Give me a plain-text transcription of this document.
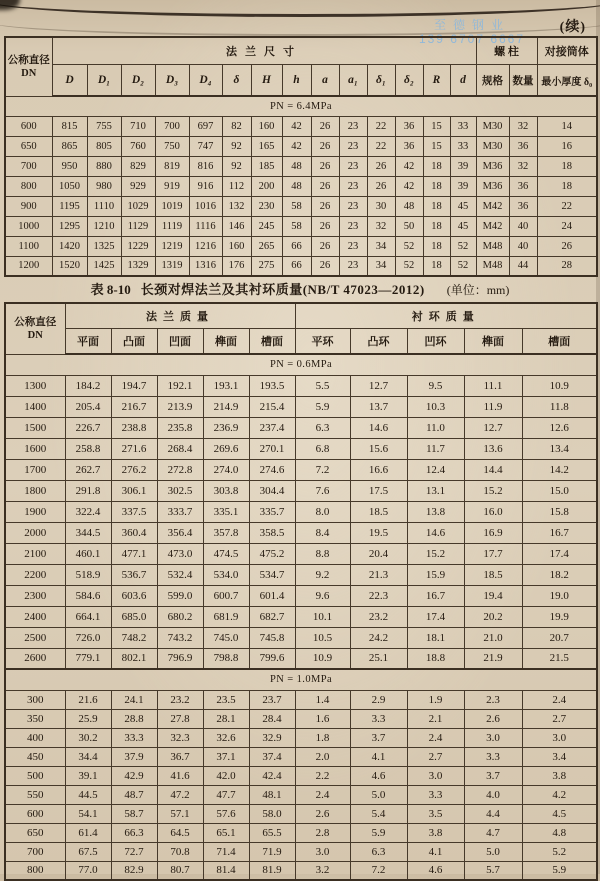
至德钢业
139 6707 6667
(续)
公称直径
DN	法兰尺寸														螺 柱		对接筒体
	D	D₁	D₂	D₃	D₄	δ	H	h	a	a₁	δ₁	δ₂	R	d	规格	数量	最小厚度 δ₀
PN = 6.4MPa																	
600	815	755	710	700	697	82	160	42	26	23	22	36	15	33	M30	32	14
650	865	805	760	750	747	92	165	42	26	23	22	36	15	33	M30	36	16
700	950	880	829	819	816	92	185	48	26	23	26	42	18	39	M36	32	18
800	1050	980	929	919	916	112	200	48	26	23	26	42	18	39	M36	36	18
900	1195	1110	1029	1019	1016	132	230	58	26	23	30	48	18	45	M42	36	22
1000	1295	1210	1129	1119	1116	146	245	58	26	23	32	50	18	45	M42	40	24
1100	1420	1325	1229	1219	1216	160	265	66	26	23	34	52	18	52	M48	40	26
1200	1520	1425	1329	1319	1316	176	275	66	26	23	34	52	18	52	M48	44	28
表 8-10 长颈对焊法兰及其衬环质量(NB/T 47023—2012) (单位：mm)
公称直径
DN	法兰质量					衬环质量				
	平面	凸面	凹面	榫面	槽面	平环	凸环	凹环	榫面	槽面
PN = 0.6MPa										
1300	184.2	194.7	192.1	193.1	193.5	5.5	12.7	9.5	11.1	10.9
1400	205.4	216.7	213.9	214.9	215.4	5.9	13.7	10.3	11.9	11.8
1500	226.7	238.8	235.8	236.9	237.4	6.3	14.6	11.0	12.7	12.6
1600	258.8	271.6	268.4	269.6	270.1	6.8	15.6	11.7	13.6	13.4
1700	262.7	276.2	272.8	274.0	274.6	7.2	16.6	12.4	14.4	14.2
1800	291.8	306.1	302.5	303.8	304.4	7.6	17.5	13.1	15.2	15.0
1900	322.4	337.5	333.7	335.1	335.7	8.0	18.5	13.8	16.0	15.8
2000	344.5	360.4	356.4	357.8	358.5	8.4	19.5	14.6	16.9	16.7
2100	460.1	477.1	473.0	474.5	475.2	8.8	20.4	15.2	17.7	17.4
2200	518.9	536.7	532.4	534.0	534.7	9.2	21.3	15.9	18.5	18.2
2300	584.6	603.6	599.0	600.7	601.4	9.6	22.3	16.7	19.4	19.0
2400	664.1	685.0	680.2	681.9	682.7	10.1	23.2	17.4	20.2	19.9
2500	726.0	748.2	743.2	745.0	745.8	10.5	24.2	18.1	21.0	20.7
2600	779.1	802.1	796.9	798.8	799.6	10.9	25.1	18.8	21.9	21.5
PN = 1.0MPa										
300	21.6	24.1	23.2	23.5	23.7	1.4	2.9	1.9	2.3	2.4
350	25.9	28.8	27.8	28.1	28.4	1.6	3.3	2.1	2.6	2.7
400	30.2	33.3	32.3	32.6	32.9	1.8	3.7	2.4	3.0	3.0
450	34.4	37.9	36.7	37.1	37.4	2.0	4.1	2.7	3.3	3.4
500	39.1	42.9	41.6	42.0	42.4	2.2	4.6	3.0	3.7	3.8
550	44.5	48.7	47.2	47.7	48.1	2.4	5.0	3.3	4.0	4.2
600	54.1	58.7	57.1	57.6	58.0	2.6	5.4	3.5	4.4	4.5
650	61.4	66.3	64.5	65.1	65.5	2.8	5.9	3.8	4.7	4.8
700	67.5	72.7	70.8	71.4	71.9	3.0	6.3	4.1	5.0	5.2
800	77.0	82.9	80.7	81.4	81.9	3.2	7.2	4.6	5.7	5.9
